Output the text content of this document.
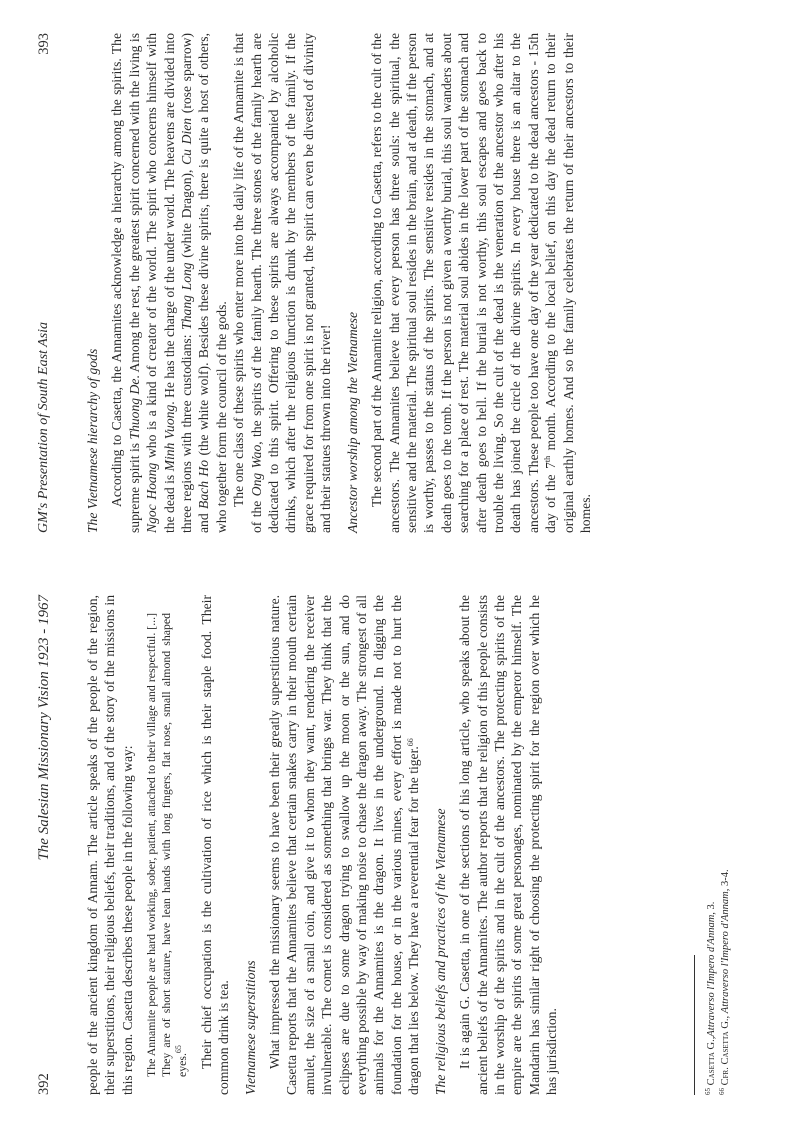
392
The Salesian Missionary Vision 1923 - 1967 people of the ancient kingdom of Annam. The article speaks of the people of the region, their superstitions, their religious beliefs, their traditions, and of the story of the missions in this region. Casetta describes these people in the following way: The Annamite people are hard working, sober, patient, attached to their village and respectful. [...] They are of short stature, have lean hands with long fingers, flat nose, small almond shaped eyes.$^{65}$	Their chief occupation is the cultivation of rice which is their staple food. Their common drink is tea. Vietnamese superstitions What impressed the missionary seems to have been their greatly superstitious nature. Casetta reports that the Annamites believe that certain snakes carry in their mouth certain amulet, the size of a small coin, and give it to whom they want, rendering the receiver invulnerable. The comet is considered as something that brings war. They think that the eclipses are due to some dragon trying to swallow up the moon or the sun, and do everything possible by way of making noise to chase the dragon away. The strongest of all animals for the Annamites is the dragon. It lives in the underground. In digging the foundation for the house, or in the various mines, every effort is made not to hurt the dragon that lies below. They have a reverential fear for the tiger.$^{66}$

The religious beliefs and practices of the Vietnamese It is again G. Casetta, in one of the sections of his long article, who speaks about the ancient beliefs of the Annamites. The author reports that the religion of this people consists in the worship of the spirits and in the cult of the ancestors. The protecting spirits of the empire are the spirits of some great personages, nominated by the emperor himself. The Mandarin has similar right of choosing the protecting spirit for the region over which he has jurisdiction.	$^{65}$ Casetta G.,Attraverso l'Impero d'Annam, 3.

$^{66}$ Cfr. Casetta G., Attraverso l'Impero d'Annam, 3-4.

GM's Presentation of South East Asia
393
The Vietnamese hierarchy of gods According to Casetta, the Annamites acknowledge a hierarchy among the spirits. The supreme spirit is Thuong De. Among the rest, the greatest spirit concerned with the living is Ngoc Hoang who is a kind of creator of the world. The spirit who concerns himself with the dead is Minh Vuong. He has the charge of the under world. The heavens are divided into three regions with three custodians: Thang Long (white Dragon), Cu Dien (rose sparrow) and Bach Ho (the white wolf). Besides these divine spirits, there is quite a host of others, who together form the council of the gods. The one class of these spirits who enter more into the daily life of the Annamite is that of the Ong Wao, the spirits of the family hearth. The three stones of the family hearth are dedicated to this spirit. Offering to these spirits are always accompanied by alcoholic drinks, which after the religious function is drunk by the members of the family. If the grace required for from one spirit is not granted, the spirit can even be divested of divinity and their statues thrown into the river! Ancestor worship among the Vietnamese The second part of the Annamite religion, according to Casetta, refers to the cult of the ancestors. The Annamites believe that every person has three souls: the spiritual, the sensitive and the material. The spiritual soul resides in the brain, and at death, if the person is worthy, passes to the status of the spirits. The sensitive resides in the stomach, and at death goes to the tomb. If the person is not given a worthy burial, this soul wanders about searching for a place of rest. The material soul abides in the lower part of the stomach and after death goes to hell. If the burial is not worthy, this soul escapes and goes back to trouble the living. So the cult of the dead is the veneration of the ancestor who after his death has joined the circle of the divine spirits. In every house there is an altar to the ancestors. These people too have one day of the year dedicated to the dead ancestors - 15th day of the 7th month. According to the local belief, on this day the dead return to their original earthly homes. And so the family celebrates the return of their ancestors to their homes.
